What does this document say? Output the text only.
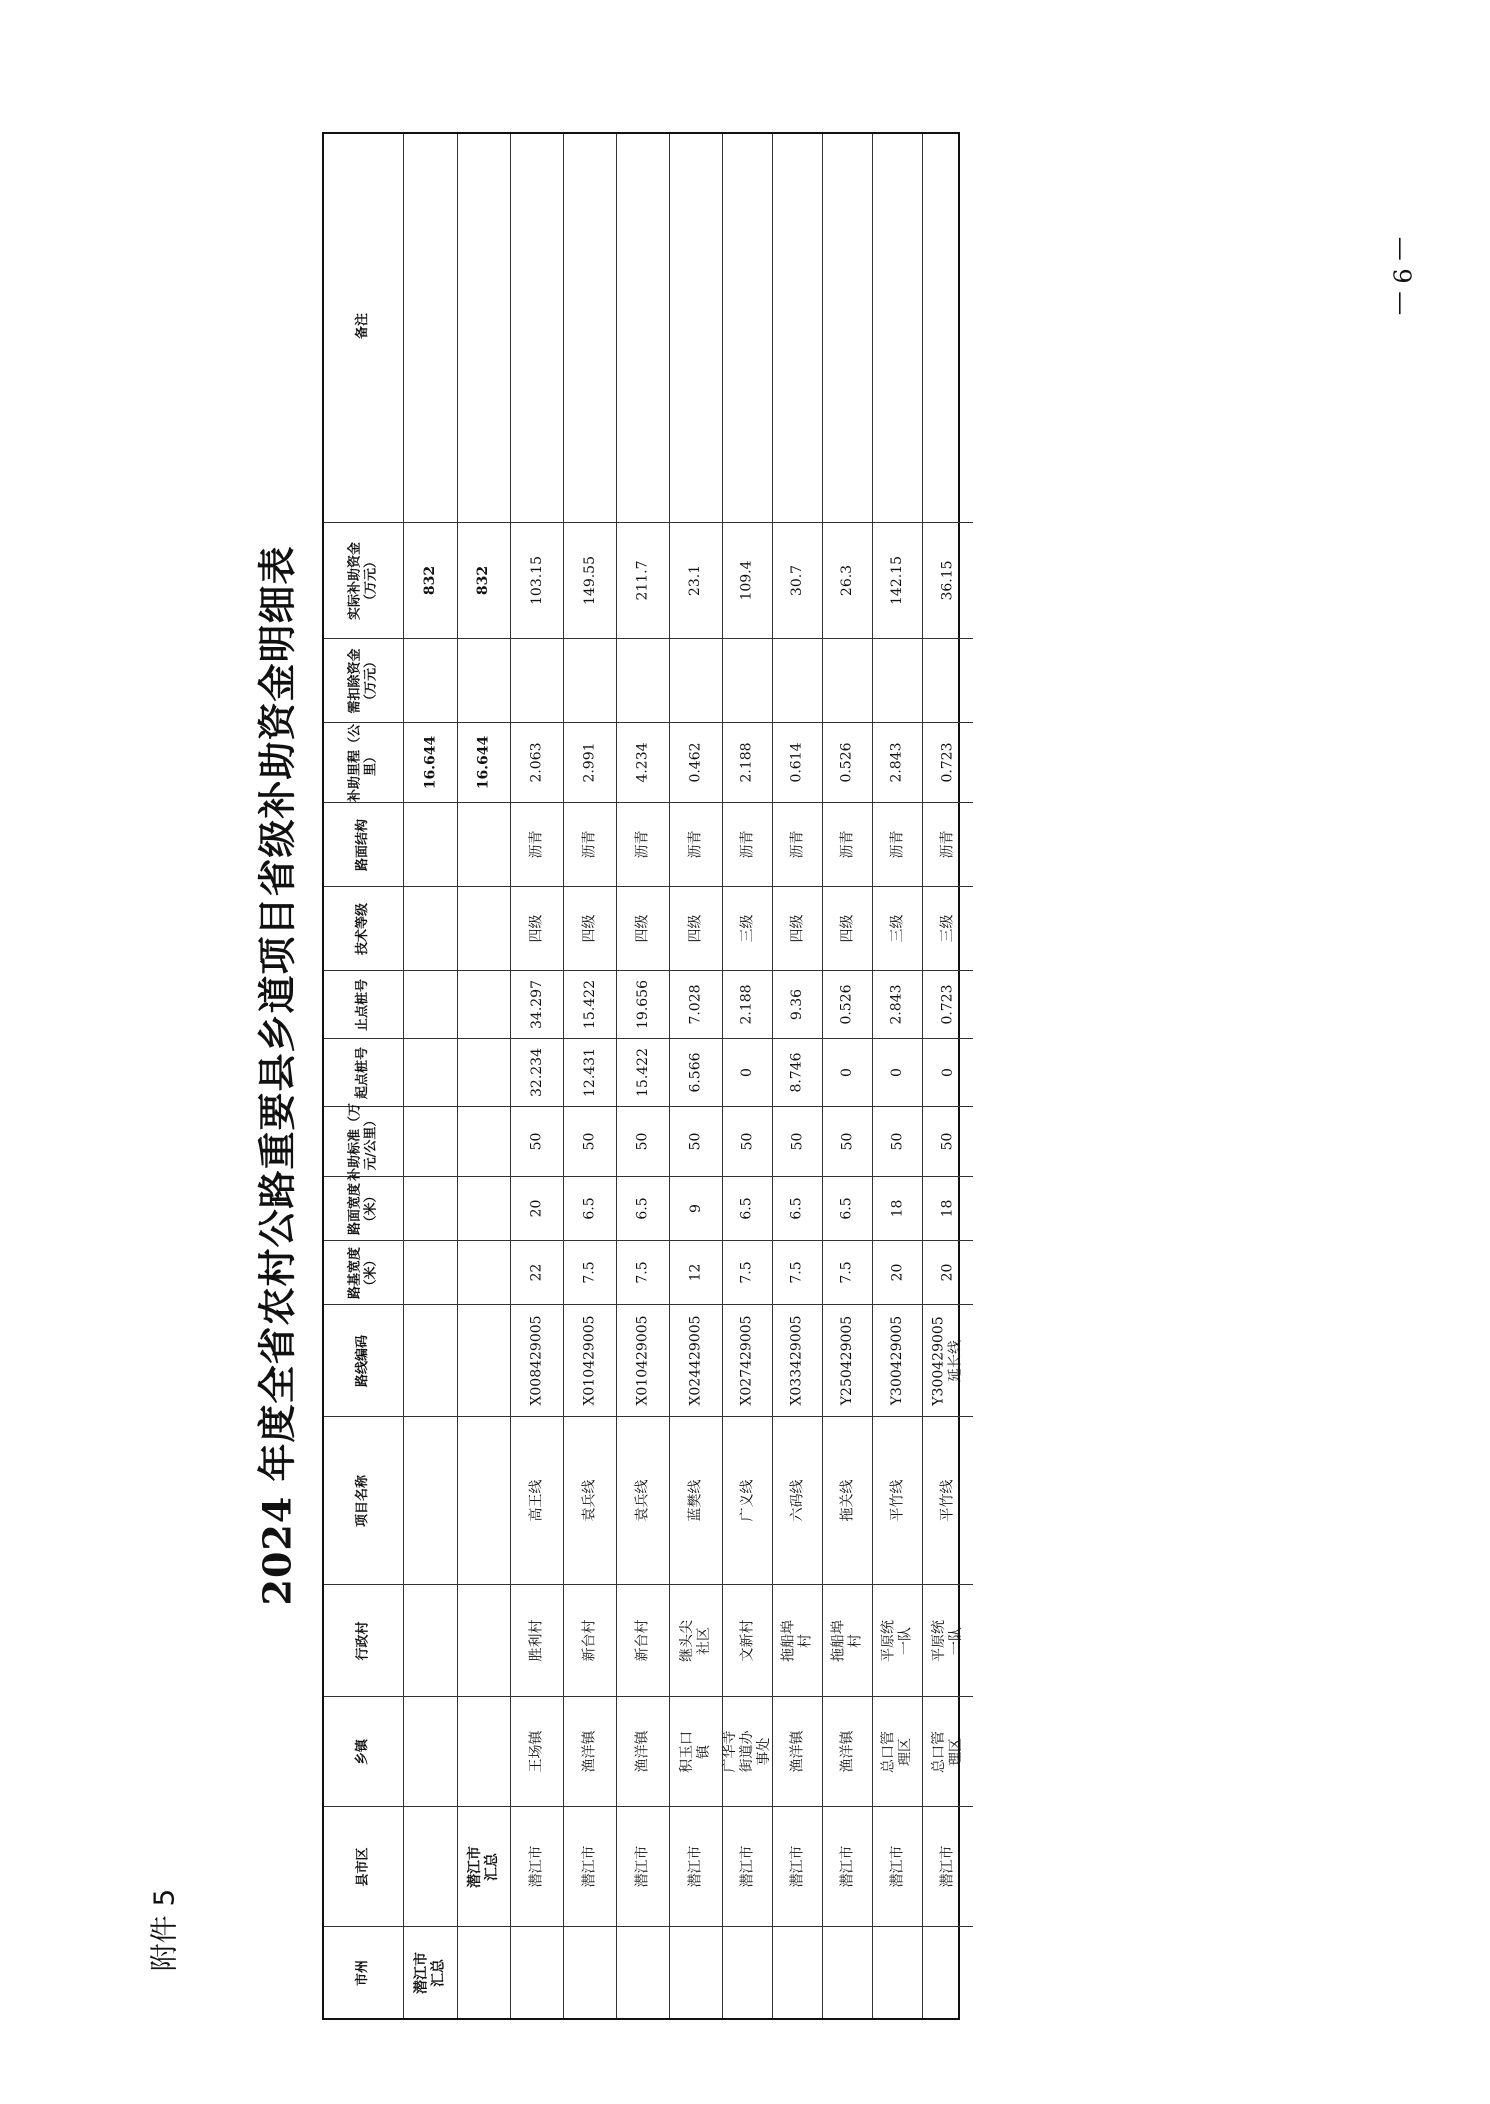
— 9 —
附件 5
2024 年度全省农村公路重要县乡道项目省级补助资金明细表
市州
县市区
乡镇
行政村
项目名称
路线编码
路基宽度（米）
路面宽度（米）
补助标准（万元/公里）
起点桩号
止点桩号
技术等级
路面结构
补助里程（公里）
需扣除资金（万元）
实际补助资金（万元）
备注
潜江市 汇总
16.644
832
潜江市 汇总
16.644
832
潜江市
王场镇
胜利村
高王线
X008429005
22
20
50
32.234
34.297
四级
沥青
2.063
103.15
潜江市
渔洋镇
新台村
袁兵线
X010429005
7.5
6.5
50
12.431
15.422
四级
沥青
2.991
149.55
潜江市
渔洋镇
新台村
袁兵线
X010429005
7.5
6.5
50
15.422
19.656
四级
沥青
4.234
211.7
潜江市
积玉口镇
继头尖社区
蓝樊线
X024429005
12
9
50
6.566
7.028
四级
沥青
0.462
23.1
潜江市
广华寺街道办事处
文新村
广义线
X027429005
7.5
6.5
50
0
2.188
三级
沥青
2.188
109.4
潜江市
渔洋镇
拖船埠村
六码线
X033429005
7.5
6.5
50
8.746
9.36
四级
沥青
0.614
30.7
潜江市
渔洋镇
拖船埠村
拖关线
Y250429005
7.5
6.5
50
0
0.526
四级
沥青
0.526
26.3
潜江市
总口管理区
平原统一队
平竹线
Y300429005
20
18
50
0
2.843
三级
沥青
2.843
142.15
潜江市
总口管理区
平原统一队
平竹线
Y300429005延长线
20
18
50
0
0.723
三级
沥青
0.723
36.15
